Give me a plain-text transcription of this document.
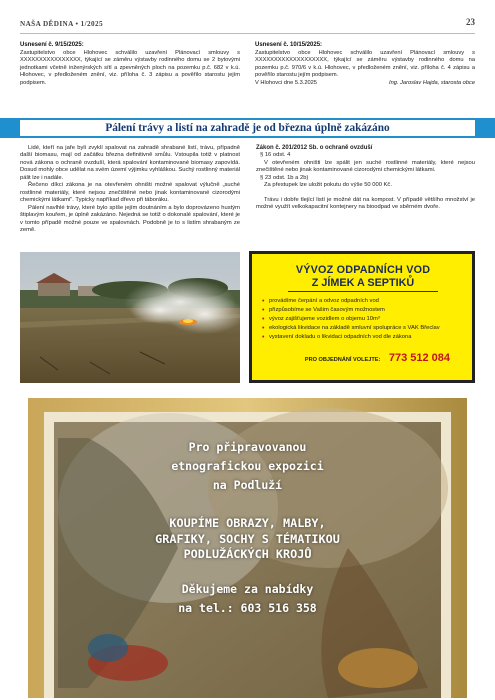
NAŠA DĚDINA • 1/2025	23
Usnesení č. 9/15/2025:
Zastupitelstvo obce Hlohovec schválilo uzavření Plánovací smlouvy s XXXXXXXXXXXXXXXX, týkající se záměru výstavby rodinného domu se 2 bytovými jednotkami včetně inženýrských sítí a zpevněných ploch na pozemku p.č. 682 v k.ú. Hlohovec, v předloženém znění, viz. příloha č. 3 zápisu a pověřilo starostu jejím podpisem.
Usnesení č. 10/15/2025:
Zastupitelstvo obce Hlohovec schválilo uzavření Plánovací smlouvy s XXXXXXXXXXXXXXXXXXX, týkající se záměru výstavby rodinného domu na pozemku p.č. 970/6 v k.ú. Hlohovec, v předloženém znění, viz. příloha č. 4 zápisu a pověřilo starostu jejím podpisem.
V Hlohovci dne 5.3.2025	Ing. Jaroslav Hajda, starosta obce
Pálení trávy a listí na zahradě je od března úplně zakázáno

Lidé, kteří na jaře byli zvyklí spalovat na zahradě shrabané listí, trávu, případně další biomasu, mají od začátku března definitivně smůlu. Vstoupila totiž v platnost nová zákona o ochraně ovzduší, která spalování kontaminované biomasy zapovídá. Dosud mohly obce udělat na svém území výjimku vyhláškou. Suchý rostlinný materiál pálit lze i nadále.

Řečeno díkci zákona je na otevřeném ohništi možné spalovat výlučně „suché rostlinné materiály, které nejsou znečištěné nebo jinak kontaminované cizorodými chemickými látkami". Typicky napříkad dřevo při táboráku.

Pálení navlhlé trávy, které bylo spíše jejím doutnáním a bylo doprovázeno hustým štiplavým kouřem, je úplně zakázáno. Nejedná se totiž o dokonalé spalování, které je v tomto případě možné pouze ve spalovnách. Podobně je to s listím shrabaným ze země.

Zákon č. 201/2012 Sb. o ochraně ovzduší
§ 16 odst. 4

V otevřeném ohništi lze spálit jen suché rostlinné materiály, které nejsou znečištěné nebo jinak kontaminované cizorodými chemickými látkami.

§ 23 odst. 1b a 2b)

Za přestupek lze uložit pokutu do výše 50 000 Kč.

Trávu i dobře tlející listí je možné dát na kompost. V případě většího množství je možné využít velkokapacitní kontejnery na bioodpad ve sběrném dvoře.

VÝVOZ ODPADNÍCH VOD
Z JÍMEK A SEPTIKŮ
• provádíme čerpání a odvoz odpadních vod
• přizpůsobíme se Vašim časovým možnostem
• vývoz zajišťujeme vozidlem o objemu 10m³
• ekologická likvidace na základě smluvní spolupráce s VAK Břeclav
• vystavení dokladu o likvidaci odpadních vod dle zákona
PRO OBJEDNÁNÍ VOLEJTE: 773 512 084
Pro připravovanou
etnografickou expozici
na Podluží
KOUPÍME OBRAZY, MALBY,
GRAFIKY, SOCHY S TÉMATIKOU
PODLUŽÁCKÝCH KROJŮ
Děkujeme za nabídky
na tel.: 603 516 358
